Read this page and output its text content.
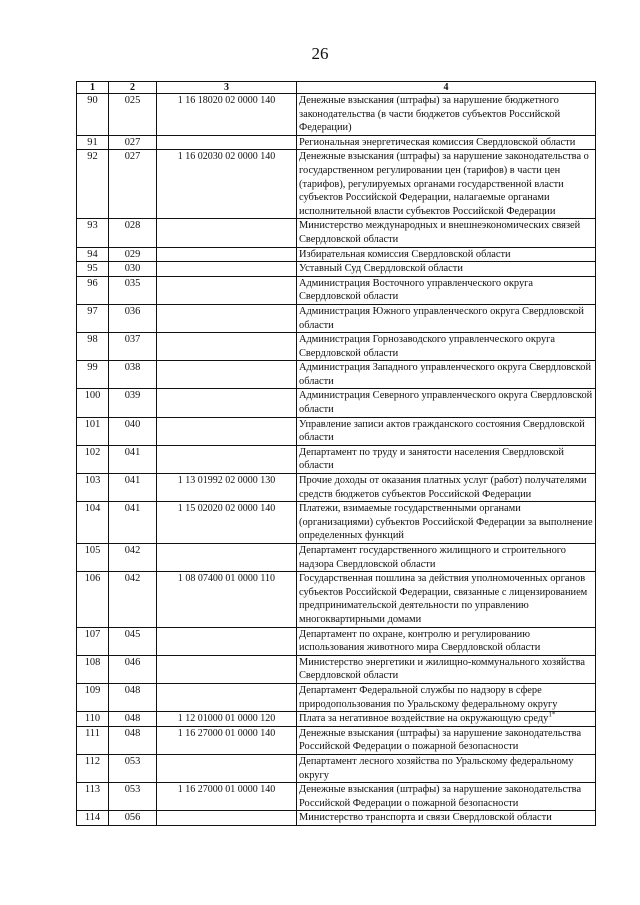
26
1	2	3	4
90	025	1 16 18020 02 0000 140	Денежные взыскания (штрафы) за нарушение бюджетного законодательства (в части бюджетов субъектов Российской Федерации)
91	027		Региональная энергетическая комиссия Свердловской области
92	027	1 16 02030 02 0000 140	Денежные взыскания (штрафы) за нарушение законодательства о государственном регулировании цен (тарифов) в части цен (тарифов), регулируемых органами государственной власти субъектов Российской Федерации, налагаемые органами исполнительной власти субъектов Российской Федерации
93	028		Министерство международных и внешнеэкономических связей Свердловской области
94	029		Избирательная комиссия Свердловской области
95	030		Уставный Суд Свердловской области
96	035		Администрация Восточного управленческого округа Свердловской области
97	036		Администрация Южного управленческого округа Свердловской области
98	037		Администрация Горнозаводского управленческого округа Свердловской области
99	038		Администрация Западного управленческого округа Свердловской области
100	039		Администрация Северного управленческого округа Свердловской области
101	040		Управление записи актов гражданского состояния Свердловской области
102	041		Департамент по труду и занятости населения Свердловской области
103	041	1 13 01992 02 0000 130	Прочие доходы от оказания платных услуг (работ) получателями средств бюджетов субъектов Российской Федерации
104	041	1 15 02020 02 0000 140	Платежи, взимаемые государственными органами (организациями) субъектов Российской Федерации за выполнение определенных функций
105	042		Департамент государственного жилищного и строительного надзора Свердловской области
106	042	1 08 07400 01 0000 110	Государственная пошлина за действия уполномоченных органов субъектов Российской Федерации, связанные с лицензированием предпринимательской деятельности по управлению многоквартирными домами
107	045		Департамент по охране, контролю и регулированию использования животного мира Свердловской области
108	046		Министерство энергетики и жилищно-коммунального хозяйства Свердловской области
109	048		Департамент Федеральной службы по надзору в сфере природопользования по Уральскому федеральному округу
110	048	1 12 01000 01 0000 120	Плата за негативное воздействие на окружающую среду$^{1*}$
111	048	1 16 27000 01 0000 140	Денежные взыскания (штрафы) за нарушение законодательства Российской Федерации о пожарной безопасности
112	053		Департамент лесного хозяйства по Уральскому федеральному округу
113	053	1 16 27000 01 0000 140	Денежные взыскания (штрафы) за нарушение законодательства Российской Федерации о пожарной безопасности
114	056		Министерство транспорта и связи Свердловской области
